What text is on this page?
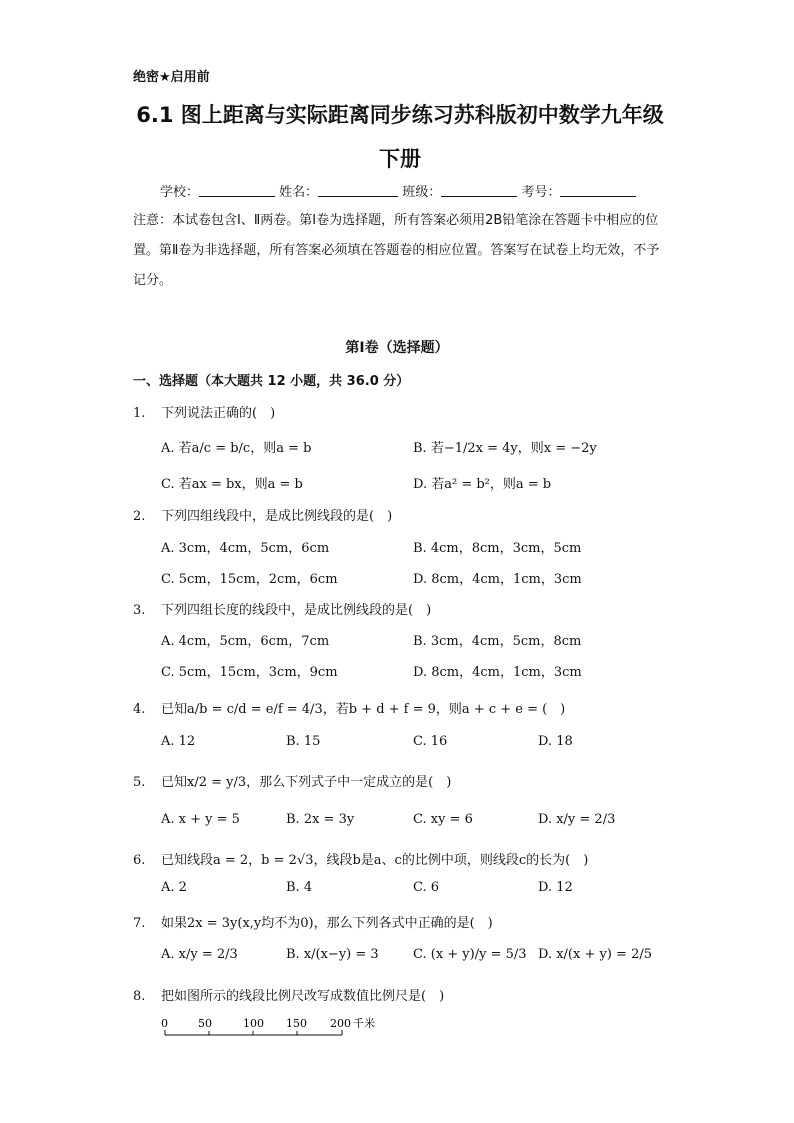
绝密★启用前
6.1 图上距离与实际距离同步练习苏科版初中数学九年级
下册
学校：	姓名：	班级：	考号：
注意：本试卷包含Ⅰ、Ⅱ两卷。第Ⅰ卷为选择题，所有答案必须用2B铅笔涂在答题卡中相应的位置。第Ⅱ卷为非选择题，所有答案必须填在答题卷的相应位置。答案写在试卷上均无效，不予记分。
第Ⅰ卷（选择题）
一、选择题（本大题共 12 小题，共 36.0 分）
1. 下列说法正确的(　)
A. 若a/c = b/c，则a = b	B. 若−1/2x = 4y，则x = −2y
C. 若ax = bx，则a = b	D. 若a² = b²，则a = b
2. 下列四组线段中，是成比例线段的是(　)
A. 3cm，4cm，5cm，6cm	B. 4cm，8cm，3cm，5cm
C. 5cm，15cm，2cm，6cm	D. 8cm，4cm，1cm，3cm
3. 下列四组长度的线段中，是成比例线段的是(　)
A. 4cm，5cm，6cm，7cm	B. 3cm，4cm，5cm，8cm
C. 5cm，15cm，3cm，9cm	D. 8cm，4cm，1cm，3cm
4. 已知a/b = c/d = e/f = 4/3，若b + d + f = 9，则a + c + e = (　)
A. 12	B. 15	C. 16	D. 18
5. 已知x/2 = y/3，那么下列式子中一定成立的是(　)
A. x + y = 5	B. 2x = 3y	C. xy = 6	D. x/y = 2/3
6. 已知线段a = 2，b = 2√3，线段b是a、c的比例中项，则线段c的长为(　)
A. 2	B. 4	C. 6	D. 12
7. 如果2x = 3y(x,y均不为0)，那么下列各式中正确的是(　)
A. x/y = 2/3	B. x/(x−y) = 3	C. (x + y)/y = 5/3 D. x/(x + y) = 2/5
8. 把如图所示的线段比例尺改写成数值比例尺是(　)
0	50	100 150 200 千米
